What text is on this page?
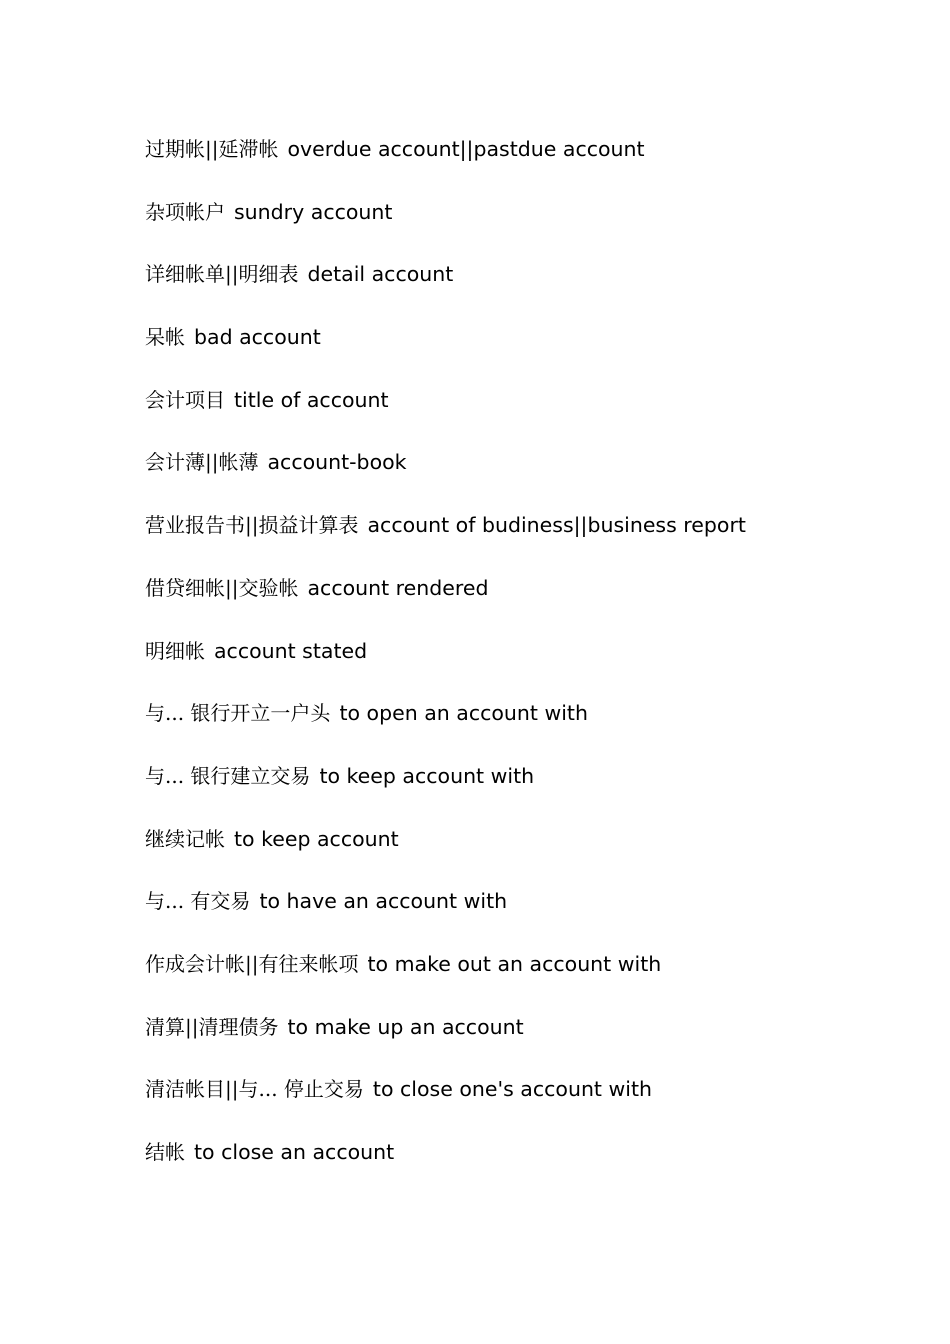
过期帐||延滞帐 overdue account||pastdue account
杂项帐户 sundry account
详细帐单||明细表 detail account
呆帐 bad account
会计项目 title of account
会计薄||帐薄 account-book
营业报告书||损益计算表 account of budiness||business report
借贷细帐||交验帐 account rendered
明细帐 account stated
与... 银行开立一户头 to open an account with
与... 银行建立交易 to keep account with
继续记帐 to keep account
与... 有交易 to have an account with
作成会计帐||有往来帐项 to make out an account with
清算||清理债务 to make up an account
清洁帐目||与... 停止交易 to close one's account with
结帐 to close an account
